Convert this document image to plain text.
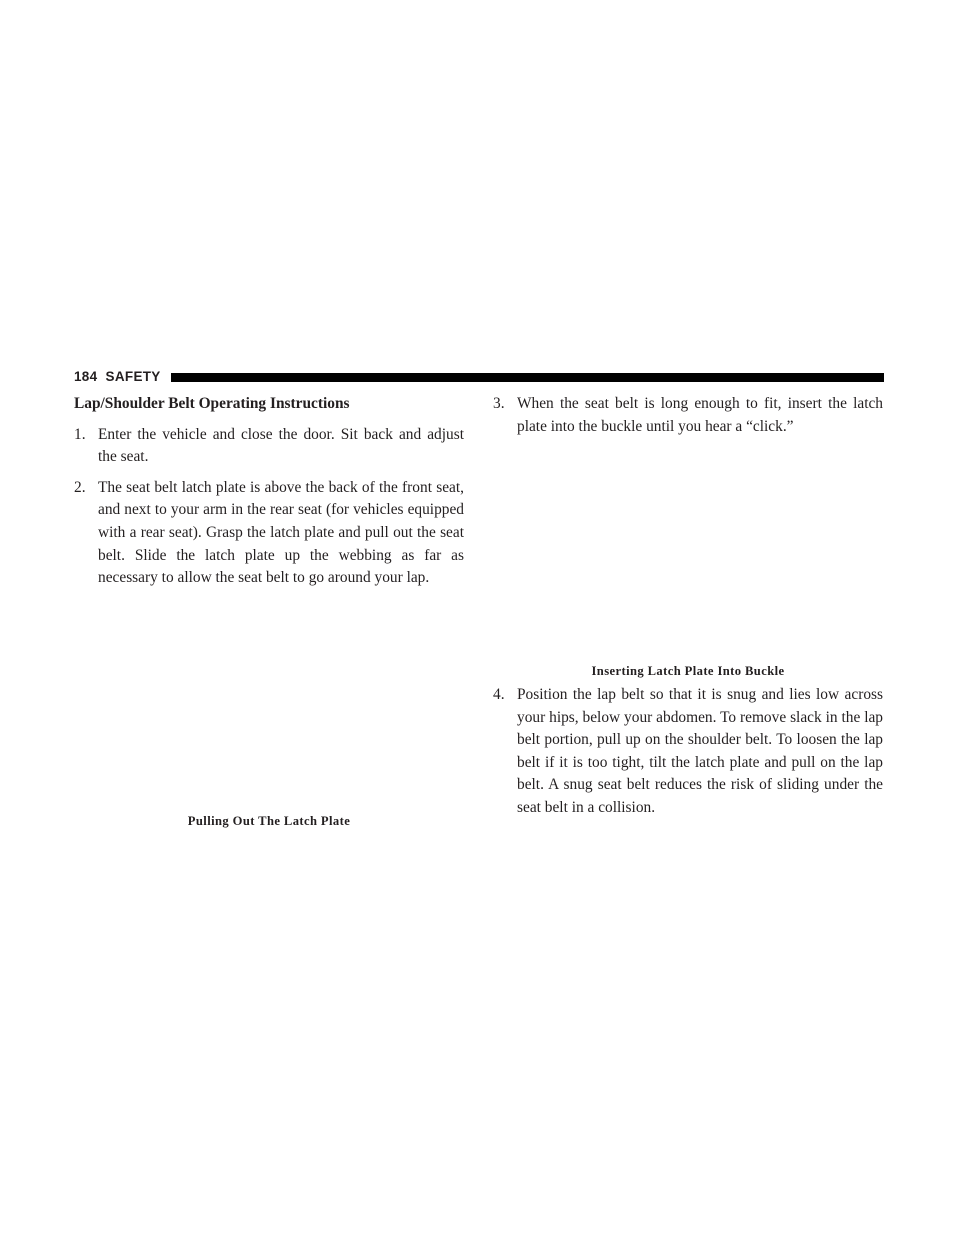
184 SAFETY
Lap/Shoulder Belt Operating Instructions
1. Enter the vehicle and close the door. Sit back and adjust the seat.
2. The seat belt latch plate is above the back of the front seat, and next to your arm in the rear seat (for vehicles equipped with a rear seat). Grasp the latch plate and pull out the seat belt. Slide the latch plate up the webbing as far as necessary to allow the seat belt to go around your lap.
Pulling Out The Latch Plate
3. When the seat belt is long enough to fit, insert the latch plate into the buckle until you hear a “click.”
Inserting Latch Plate Into Buckle
4. Position the lap belt so that it is snug and lies low across your hips, below your abdomen. To remove slack in the lap belt portion, pull up on the shoulder belt. To loosen the lap belt if it is too tight, tilt the latch plate and pull on the lap belt. A snug seat belt reduces the risk of sliding under the seat belt in a collision.
